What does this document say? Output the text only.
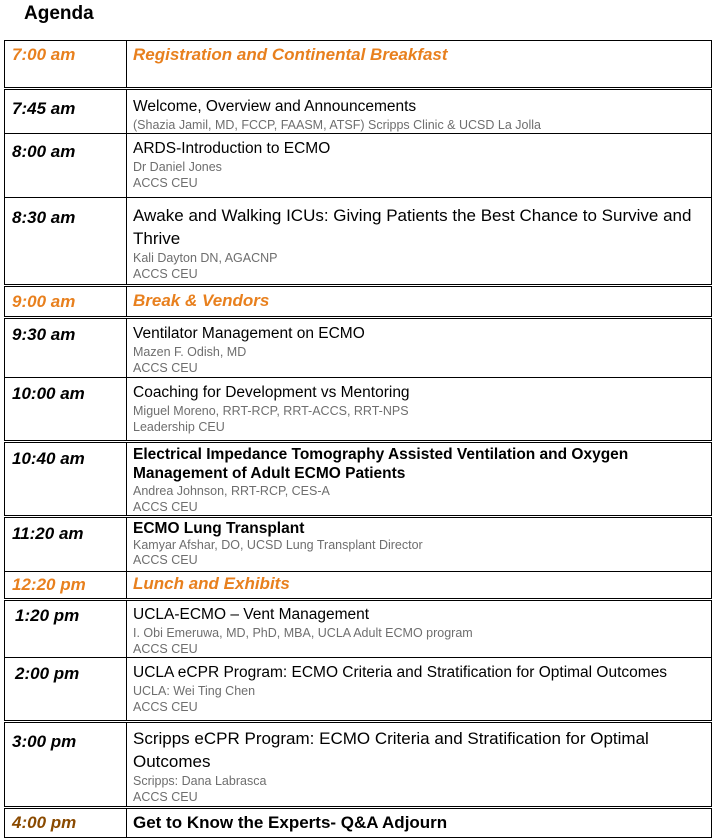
Agenda
7:00 am	Registration and Continental Breakfast

7:45 am	Welcome, Overview and Announcements
(Shazia Jamil, MD, FCCP, FAASM, ATSF) Scripps Clinic & UCSD La Jolla

8:00 am	ARDS-Introduction to ECMO
Dr Daniel Jones
ACCS CEU

8:30 am	Awake and Walking ICUs: Giving Patients the Best Chance to Survive and Thrive
Kali Dayton DN, AGACNP
ACCS CEU

9:00 am	Break & Vendors

9:30 am	Ventilator Management on ECMO
Mazen F. Odish, MD
ACCS CEU

10:00 am	Coaching for Development vs Mentoring
Miguel Moreno, RRT-RCP, RRT-ACCS, RRT-NPS
Leadership CEU

10:40 am	Electrical Impedance Tomography Assisted Ventilation and Oxygen Management of Adult ECMO Patients
Andrea Johnson, RRT-RCP, CES-A
ACCS CEU

11:20 am	ECMO Lung Transplant
Kamyar Afshar, DO, UCSD Lung Transplant Director
ACCS CEU

12:20 pm	Lunch and Exhibits

1:20 pm	UCLA-ECMO – Vent Management
I. Obi Emeruwa, MD, PhD, MBA, UCLA Adult ECMO program
ACCS CEU

2:00 pm	UCLA eCPR Program: ECMO Criteria and Stratification for Optimal Outcomes
UCLA: Wei Ting Chen
ACCS CEU

3:00 pm	Scripps eCPR Program: ECMO Criteria and Stratification for Optimal Outcomes
Scripps: Dana Labrasca
ACCS CEU

4:00 pm	Get to Know the Experts- Q&A Adjourn
